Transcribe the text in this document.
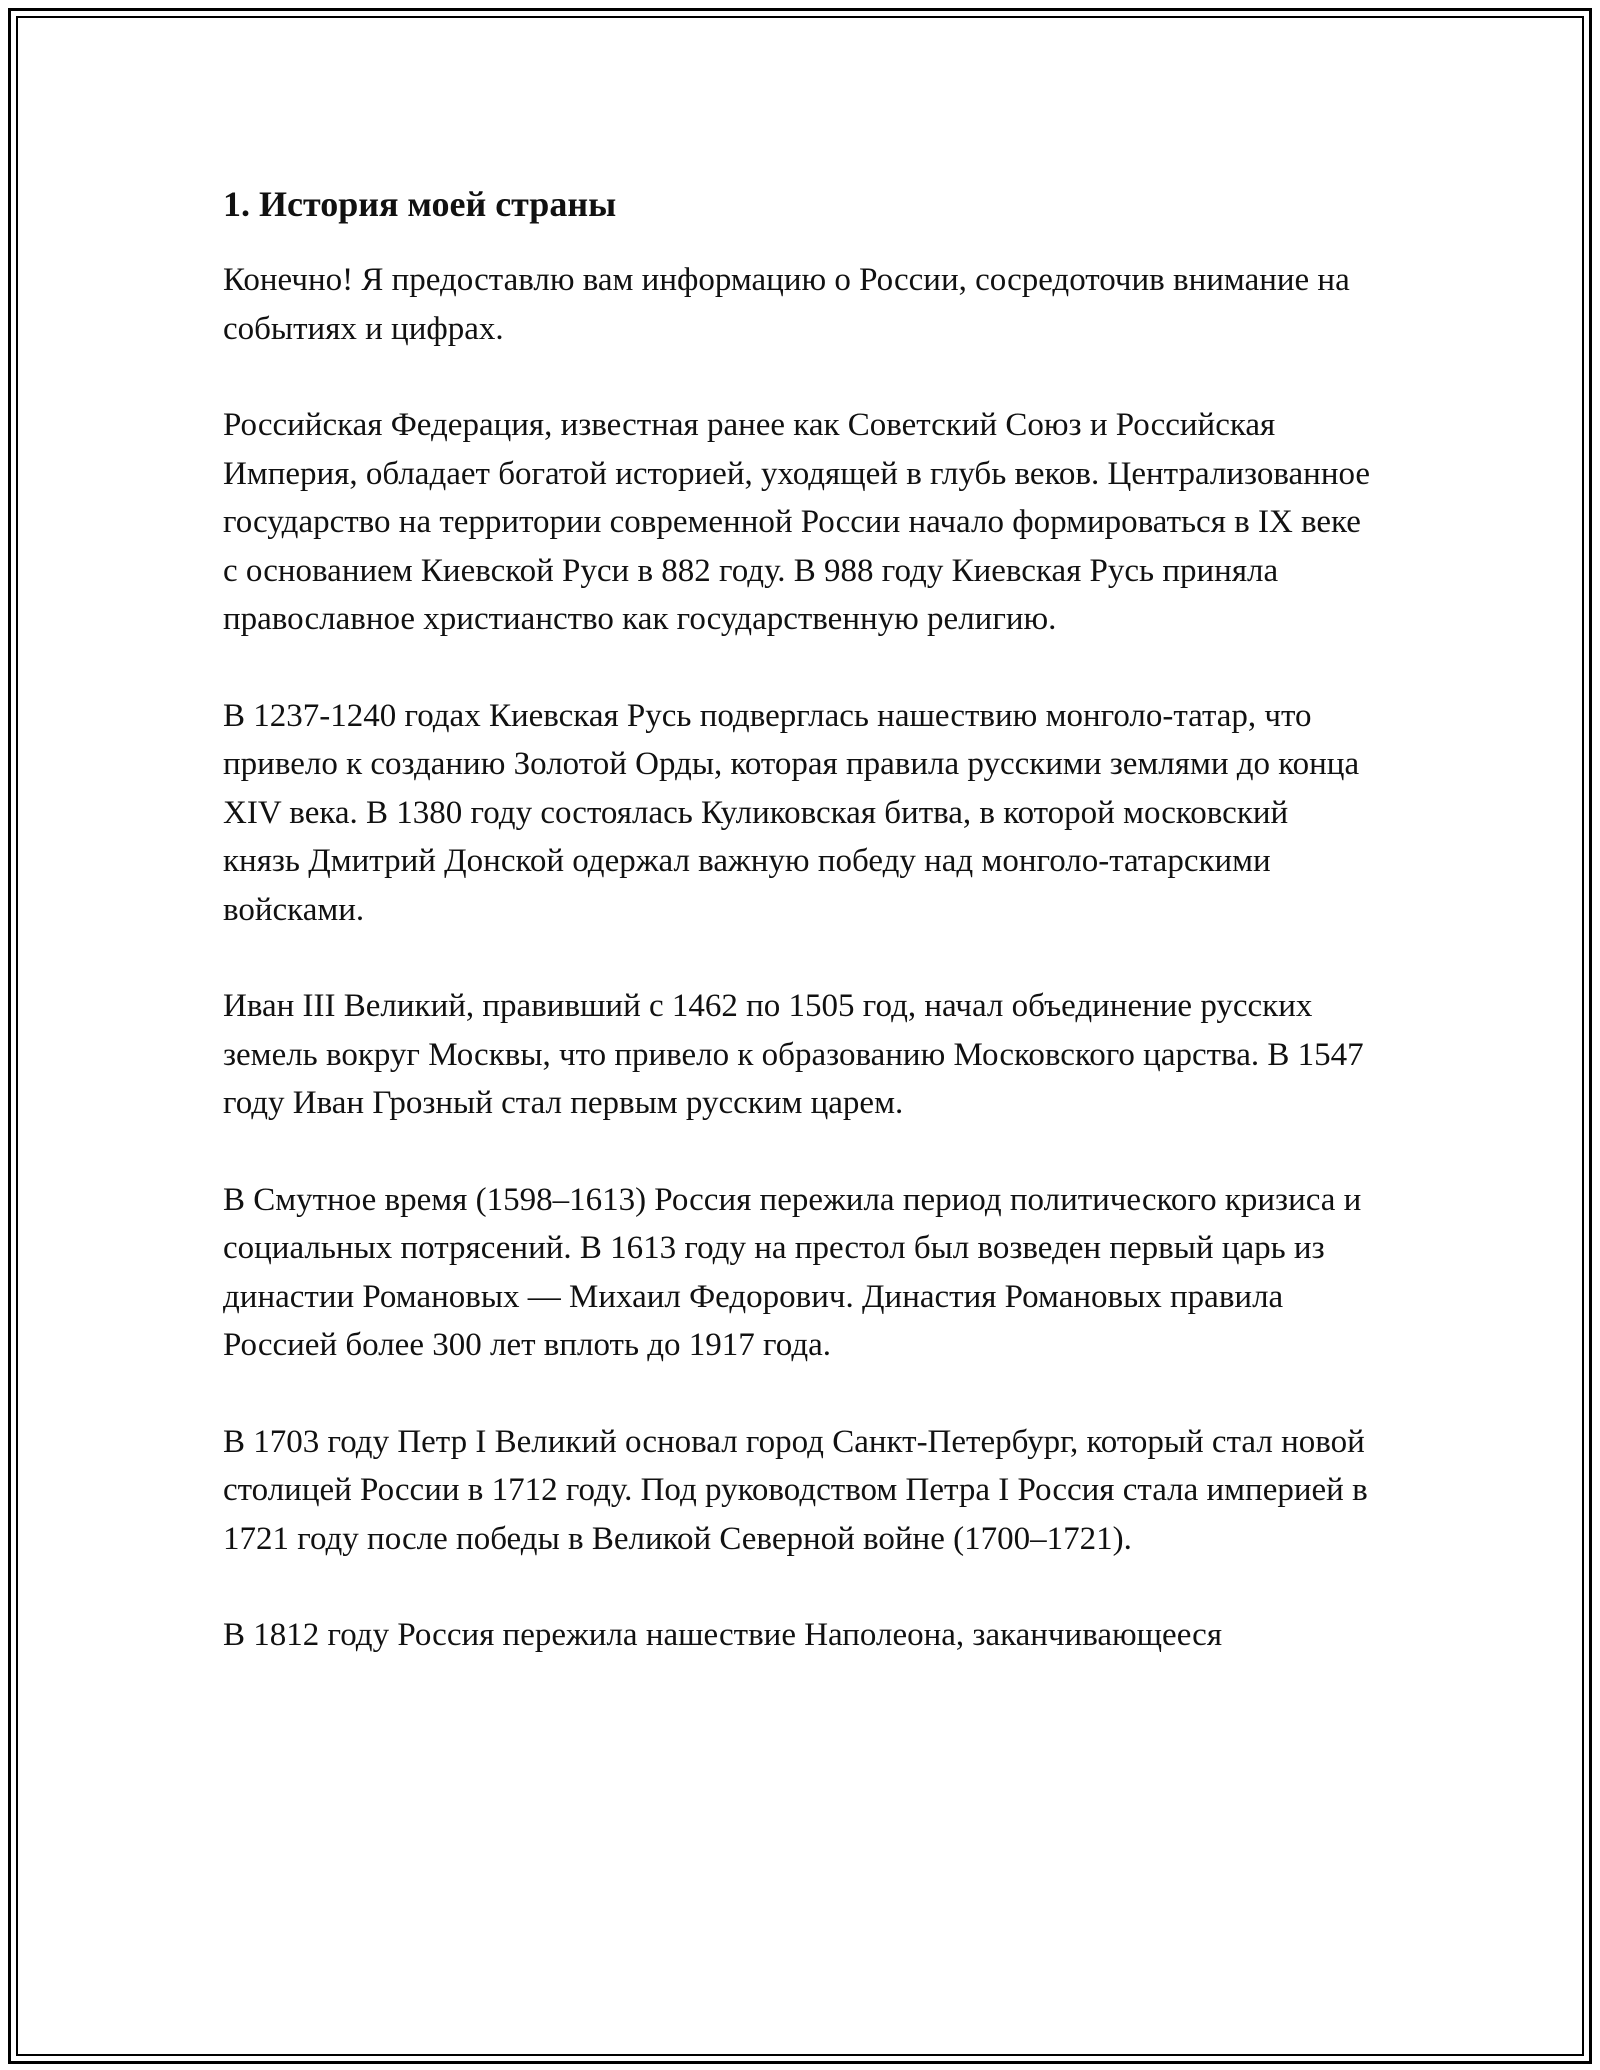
1. История моей страны

Конечно! Я предоставлю вам информацию о России, сосредоточив внимание на событиях и цифрах.

Российская Федерация, известная ранее как Советский Союз и Российская Империя, обладает богатой историей, уходящей в глубь веков. Централизованное государство на территории современной России начало формироваться в IX веке с основанием Киевской Руси в 882 году. В 988 году Киевская Русь приняла православное христианство как государственную религию.

В 1237-1240 годах Киевская Русь подверглась нашествию монголо-татар, что привело к созданию Золотой Орды, которая правила русскими землями до конца XIV века. В 1380 году состоялась Куликовская битва, в которой московский князь Дмитрий Донской одержал важную победу над монголо-татарскими войсками.

Иван III Великий, правивший с 1462 по 1505 год, начал объединение русских земель вокруг Москвы, что привело к образованию Московского царства. В 1547 году Иван Грозный стал первым русским царем.

В Смутное время (1598–1613) Россия пережила период политического кризиса и социальных потрясений. В 1613 году на престол был возведен первый царь из династии Романовых — Михаил Федорович. Династия Романовых правила Россией более 300 лет вплоть до 1917 года.

В 1703 году Петр I Великий основал город Санкт-Петербург, который стал новой столицей России в 1712 году. Под руководством Петра I Россия стала империей в 1721 году после победы в Великой Северной войне (1700–1721).

В 1812 году Россия пережила нашествие Наполеона, заканчивающееся
